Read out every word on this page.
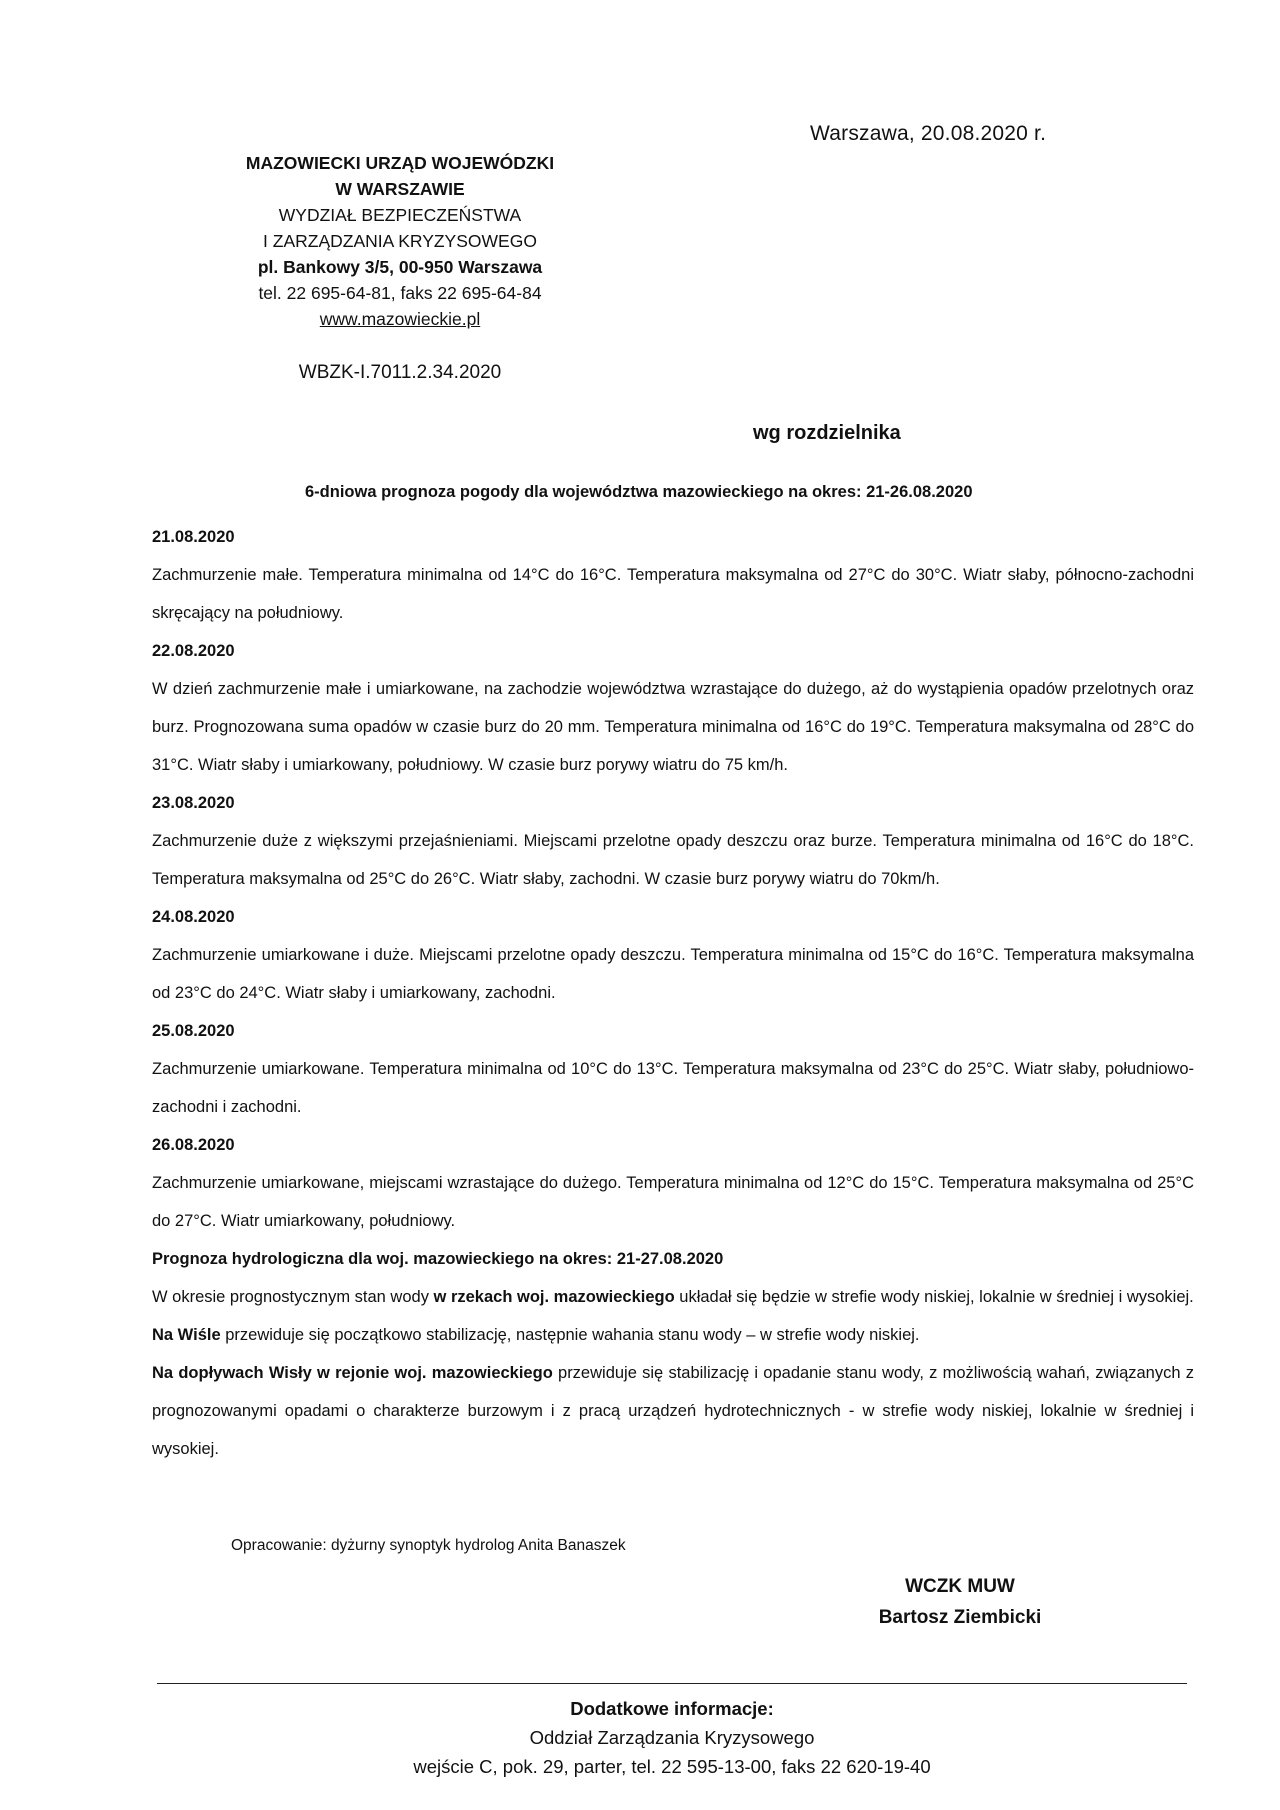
Warszawa, 20.08.2020 r.
MAZOWIECKI URZĄD WOJEWÓDZKI
W WARSZAWIE
WYDZIAŁ BEZPIECZEŃSTWA
I ZARZĄDZANIA KRYZYSOWEGO
pl. Bankowy 3/5, 00-950 Warszawa
tel. 22 695-64-81, faks 22 695-64-84
www.mazowieckie.pl
WBZK-I.7011.2.34.2020
wg rozdzielnika
6-dniowa prognoza pogody dla województwa mazowieckiego na okres: 21-26.08.2020

21.08.2020

Zachmurzenie małe. Temperatura minimalna od 14°C do 16°C. Temperatura maksymalna od 27°C do 30°C. Wiatr słaby, północno-zachodni skręcający na południowy.

22.08.2020

W dzień zachmurzenie małe i umiarkowane, na zachodzie województwa wzrastające do dużego, aż do wystąpienia opadów przelotnych oraz burz. Prognozowana suma opadów w czasie burz do 20 mm. Temperatura minimalna od 16°C do 19°C. Temperatura maksymalna od 28°C do 31°C. Wiatr słaby i umiarkowany, południowy. W czasie burz porywy wiatru do 75 km/h.

23.08.2020

Zachmurzenie duże z większymi przejaśnieniami. Miejscami przelotne opady deszczu oraz burze. Temperatura minimalna od 16°C do 18°C. Temperatura maksymalna od 25°C do 26°C. Wiatr słaby, zachodni. W czasie burz porywy wiatru do 70km/h.

24.08.2020

Zachmurzenie umiarkowane i duże. Miejscami przelotne opady deszczu. Temperatura minimalna od 15°C do 16°C. Temperatura maksymalna od 23°C do 24°C. Wiatr słaby i umiarkowany, zachodni.

25.08.2020

Zachmurzenie umiarkowane. Temperatura minimalna od 10°C do 13°C. Temperatura maksymalna od 23°C do 25°C. Wiatr słaby, południowo-zachodni i zachodni.

26.08.2020

Zachmurzenie umiarkowane, miejscami wzrastające do dużego. Temperatura minimalna od 12°C do 15°C. Temperatura maksymalna od 25°C do 27°C. Wiatr umiarkowany, południowy.

Prognoza hydrologiczna dla woj. mazowieckiego na okres: 21-27.08.2020

W okresie prognostycznym stan wody w rzekach woj. mazowieckiego układał się będzie w strefie wody niskiej, lokalnie w średniej i wysokiej.

Na Wiśle przewiduje się początkowo stabilizację, następnie wahania stanu wody – w strefie wody niskiej.

Na dopływach Wisły w rejonie woj. mazowieckiego przewiduje się stabilizację i opadanie stanu wody, z możliwością wahań, związanych z prognozowanymi opadami o charakterze burzowym i z pracą urządzeń hydrotechnicznych - w strefie wody niskiej, lokalnie w średniej i wysokiej.

Opracowanie: dyżurny synoptyk hydrolog Anita Banaszek
WCZK MUW
Bartosz Ziembicki
Dodatkowe informacje:
Oddział Zarządzania Kryzysowego
wejście C, pok. 29, parter, tel. 22 595-13-00, faks 22 620-19-40
